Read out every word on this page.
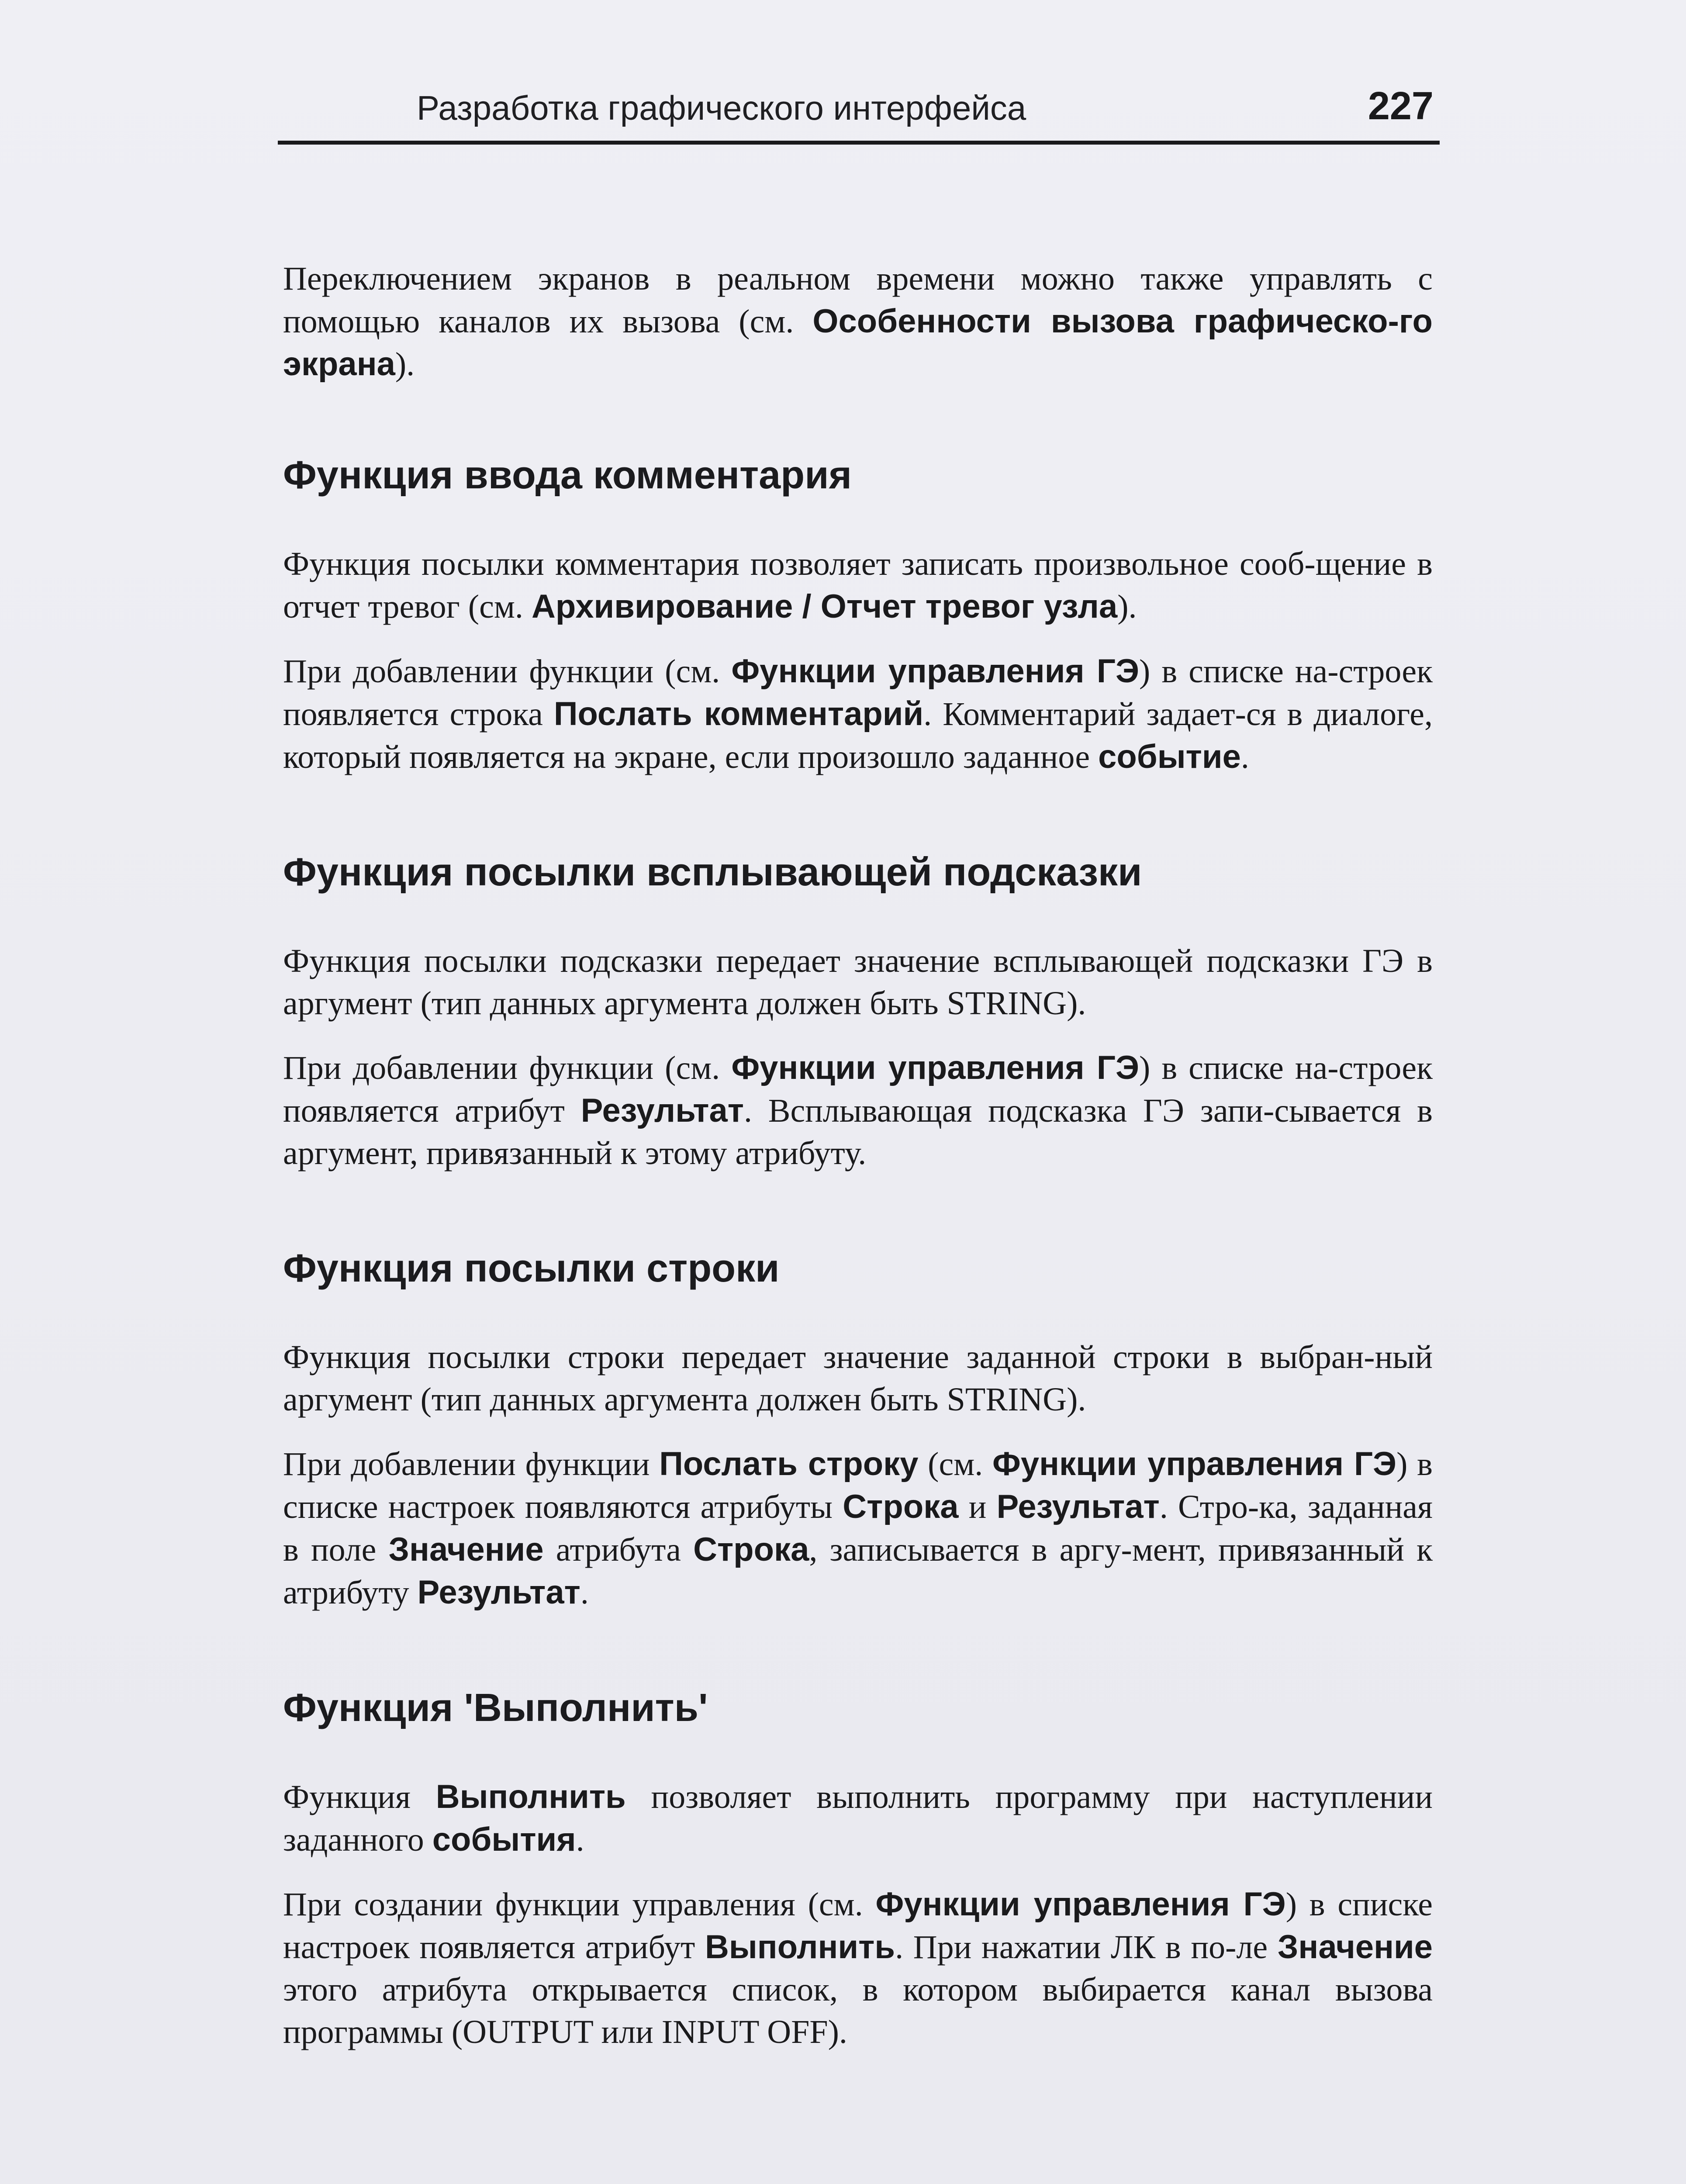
Разработка графического интерфейса	227

Переключением экранов в реальном времени можно также управлять с помощью каналов их вызова (см. Особенности вызова графическо-го экрана).

Функция ввода комментария

Функция посылки комментария позволяет записать произвольное сооб-щение в отчет тревог (см. Архивирование / Отчет тревог узла).

При добавлении функции (см. Функции управления ГЭ) в списке на-строек появляется строка Послать комментарий. Комментарий задает-ся в диалоге, который появляется на экране, если произошло заданное событие.

Функция посылки всплывающей подсказки

Функция посылки подсказки передает значение всплывающей подсказки ГЭ в аргумент (тип данных аргумента должен быть STRING).

При добавлении функции (см. Функции управления ГЭ) в списке на-строек появляется атрибут Результат. Всплывающая подсказка ГЭ запи-сывается в аргумент, привязанный к этому атрибуту.

Функция посылки строки

Функция посылки строки передает значение заданной строки в выбран-ный аргумент (тип данных аргумента должен быть STRING).

При добавлении функции Послать строку (см. Функции управления ГЭ) в списке настроек появляются атрибуты Строка и Результат. Стро-ка, заданная в поле Значение атрибута Строка, записывается в аргу-мент, привязанный к атрибуту Результат.

Функция 'Выполнить'

Функция Выполнить позволяет выполнить программу при наступлении заданного события.

При создании функции управления (см. Функции управления ГЭ) в списке настроек появляется атрибут Выполнить. При нажатии ЛК в по-ле Значение этого атрибута открывается список, в котором выбирается канал вызова программы (OUTPUT или INPUT OFF).
